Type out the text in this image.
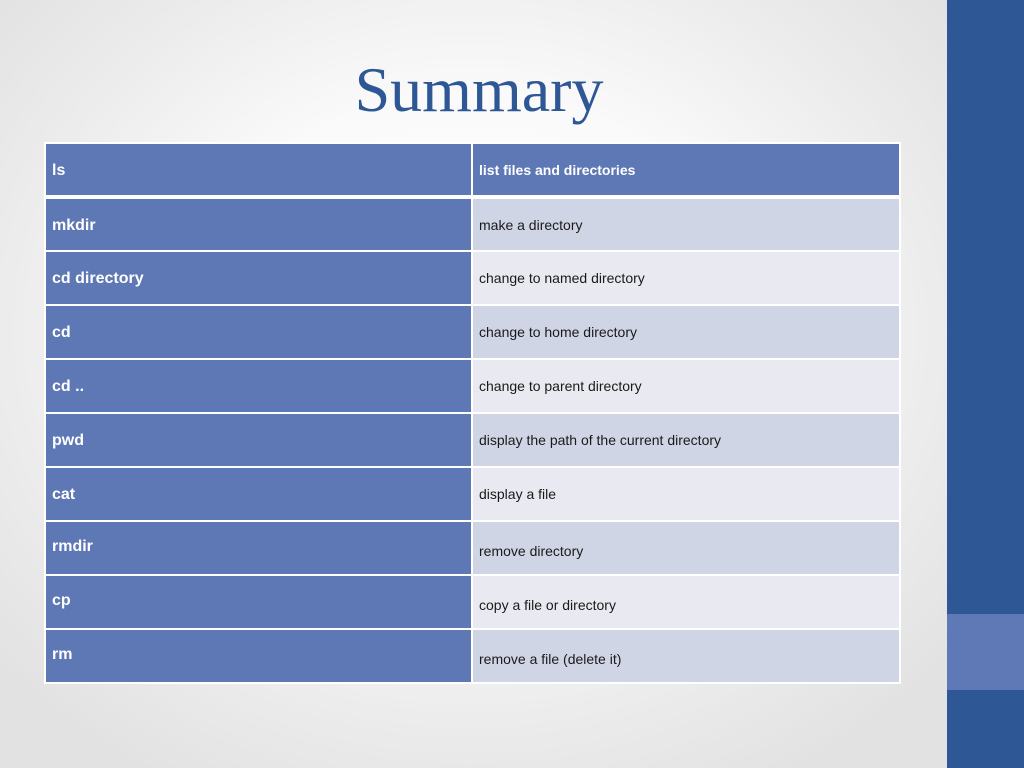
Summary
ls	list files and directories
mkdir	make a directory
cd directory	change to named directory
cd	change to home directory
cd ..	change to parent directory
pwd	display the path of the current directory
cat	display a file
rmdir	remove directory
cp	copy a file or directory
rm	remove a file (delete it)
